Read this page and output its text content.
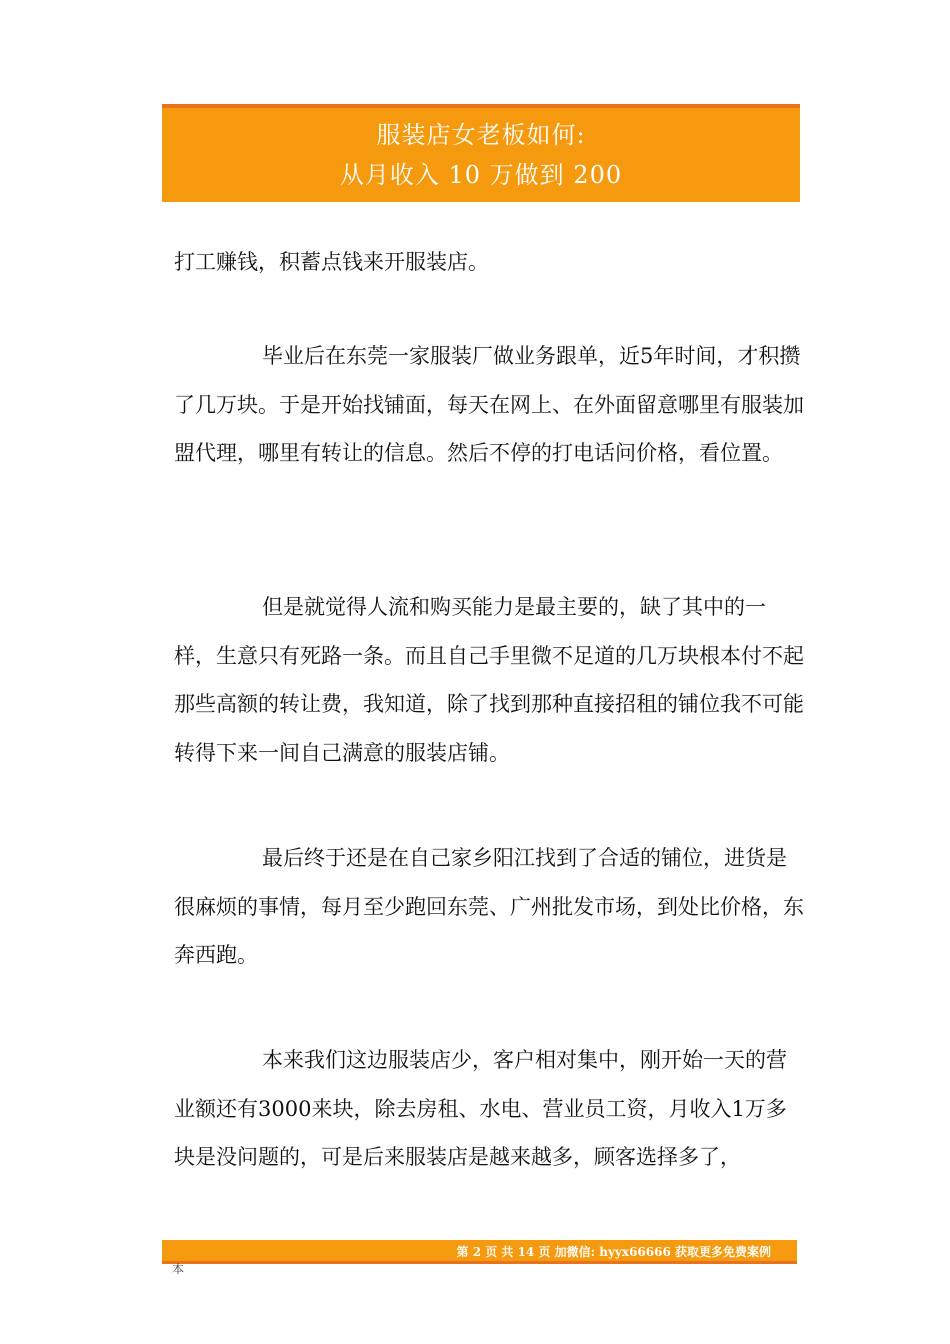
服装店女老板如何:
从月收入 10 万做到 200

打工赚钱，积蓄点钱来开服装店。

毕业后在东莞一家服装厂做业务跟单，近5年时间，才积攒了几万块。于是开始找铺面，每天在网上、在外面留意哪里有服装加盟代理，哪里有转让的信息。然后不停的打电话问价格，看位置。

但是就觉得人流和购买能力是最主要的，缺了其中的一样，生意只有死路一条。而且自己手里微不足道的几万块根本付不起那些高额的转让费，我知道，除了找到那种直接招租的铺位我不可能转得下来一间自己满意的服装店铺。

最后终于还是在自己家乡阳江找到了合适的铺位，进货是很麻烦的事情，每月至少跑回东莞、广州批发市场，到处比价格，东奔西跑。

本来我们这边服装店少，客户相对集中，刚开始一天的营业额还有3000来块，除去房租、水电、营业员工资，月收入1万多块是没问题的，可是后来服装店是越来越多，顾客选择多了，

第 2 页 共 14 页 加微信: hyyx66666 获取更多免费案例
本
